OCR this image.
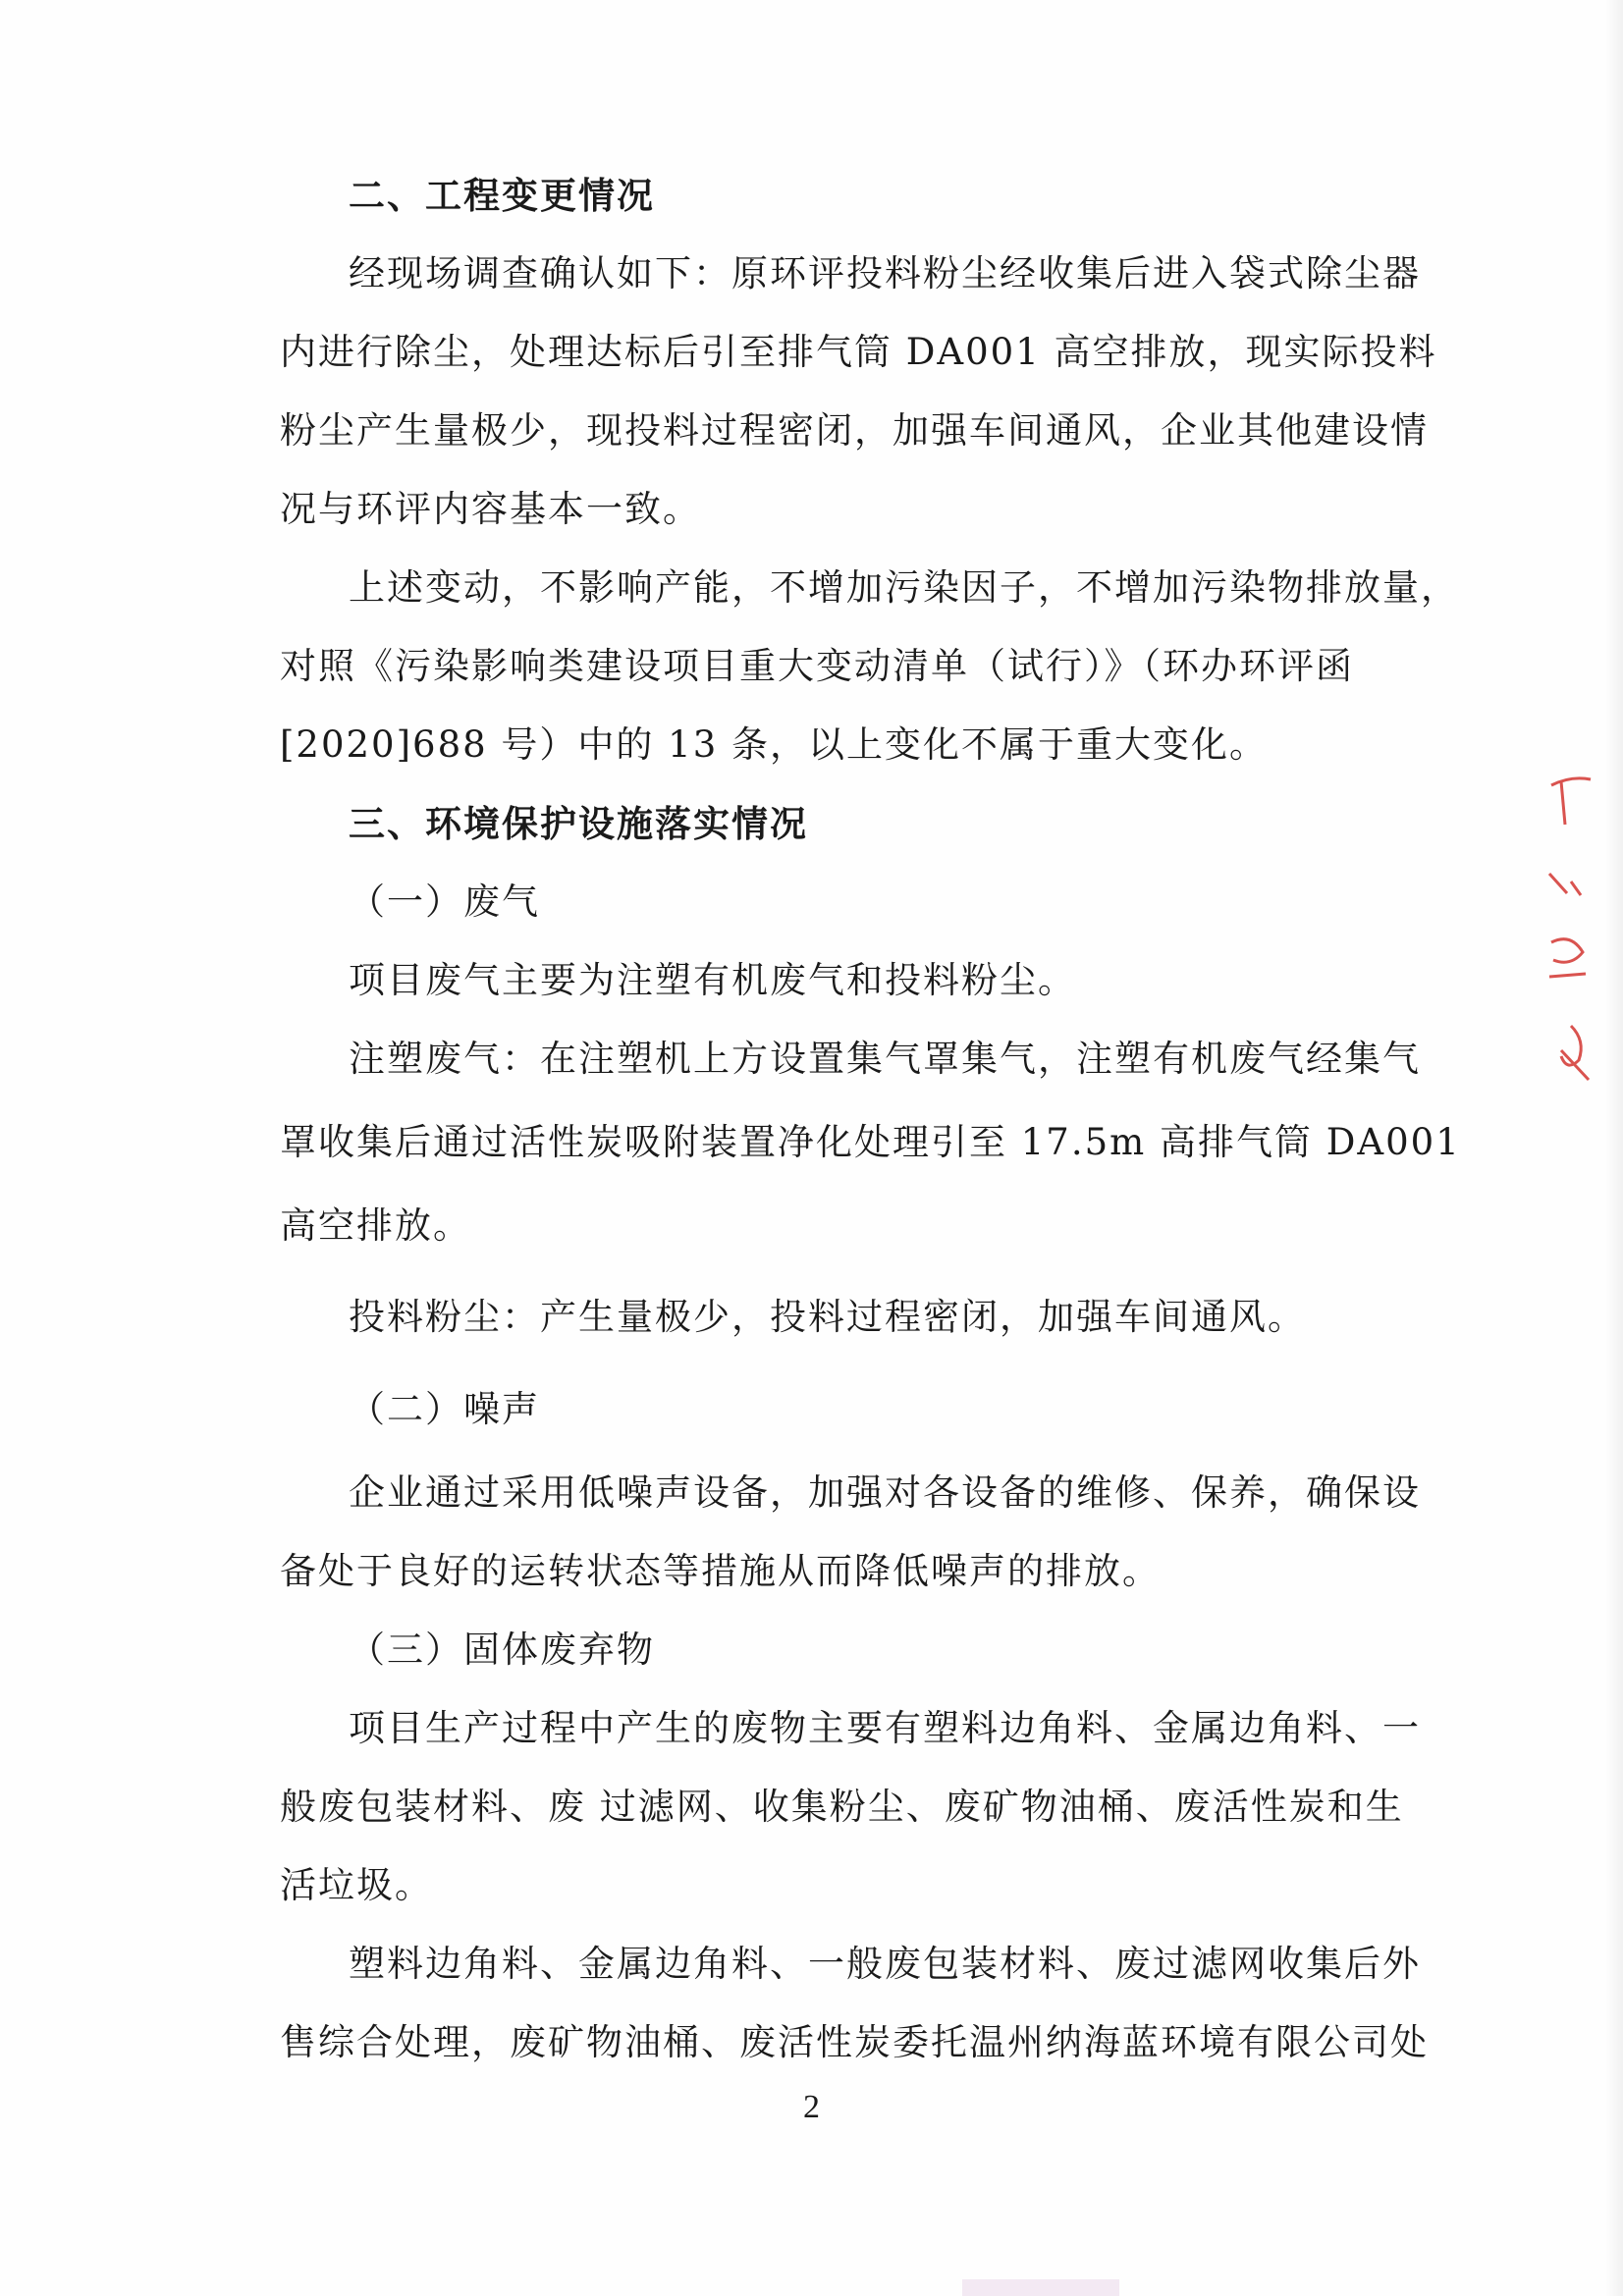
二、工程变更情况
经现场调查确认如下：原环评投料粉尘经收集后进入袋式除尘器
内进行除尘，处理达标后引至排气筒 DA001 高空排放，现实际投料
粉尘产生量极少，现投料过程密闭，加强车间通风，企业其他建设情
况与环评内容基本一致。
上述变动，不影响产能，不增加污染因子，不增加污染物排放量，
对照《污染影响类建设项目重大变动清单（试行）》（环办环评函
[2020]688 号）中的 13 条，以上变化不属于重大变化。
三、环境保护设施落实情况
（一）废气
项目废气主要为注塑有机废气和投料粉尘。
注塑废气：在注塑机上方设置集气罩集气，注塑有机废气经集气
罩收集后通过活性炭吸附装置净化处理引至 17.5m 高排气筒 DA001
高空排放。
投料粉尘：产生量极少，投料过程密闭，加强车间通风。
（二）噪声
企业通过采用低噪声设备，加强对各设备的维修、保养，确保设
备处于良好的运转状态等措施从而降低噪声的排放。
（三）固体废弃物
项目生产过程中产生的废物主要有塑料边角料、金属边角料、一
般废包装材料、废 过滤网、收集粉尘、废矿物油桶、废活性炭和生
活垃圾。
塑料边角料、金属边角料、一般废包装材料、废过滤网收集后外
售综合处理，废矿物油桶、废活性炭委托温州纳海蓝环境有限公司处
2
